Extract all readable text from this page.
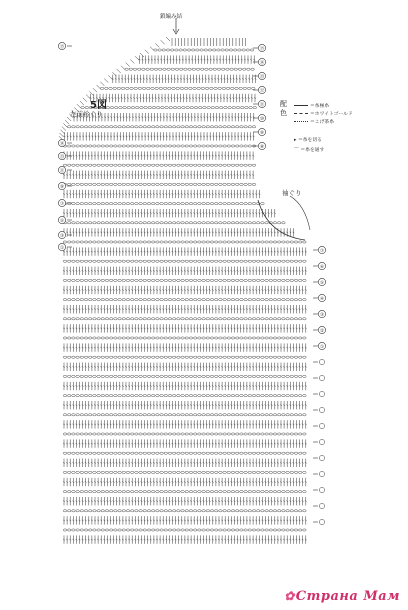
⑮
⑭
⑬
⑪
⑨
⑦
⑤
③
①
⑮
⑭
⑬
⑫
⑪
⑩
⑨
⑧
⑦
⑥
⑤
④
③
②
①
鎖編み結
5図
左前衿ぐり
袖ぐり
配色
＝糸極糸
＝ホワイトゴールド
＝こげ茶糸
▸ ＝糸を切る
⌒ ＝糸を通す
✿Страна Мам
